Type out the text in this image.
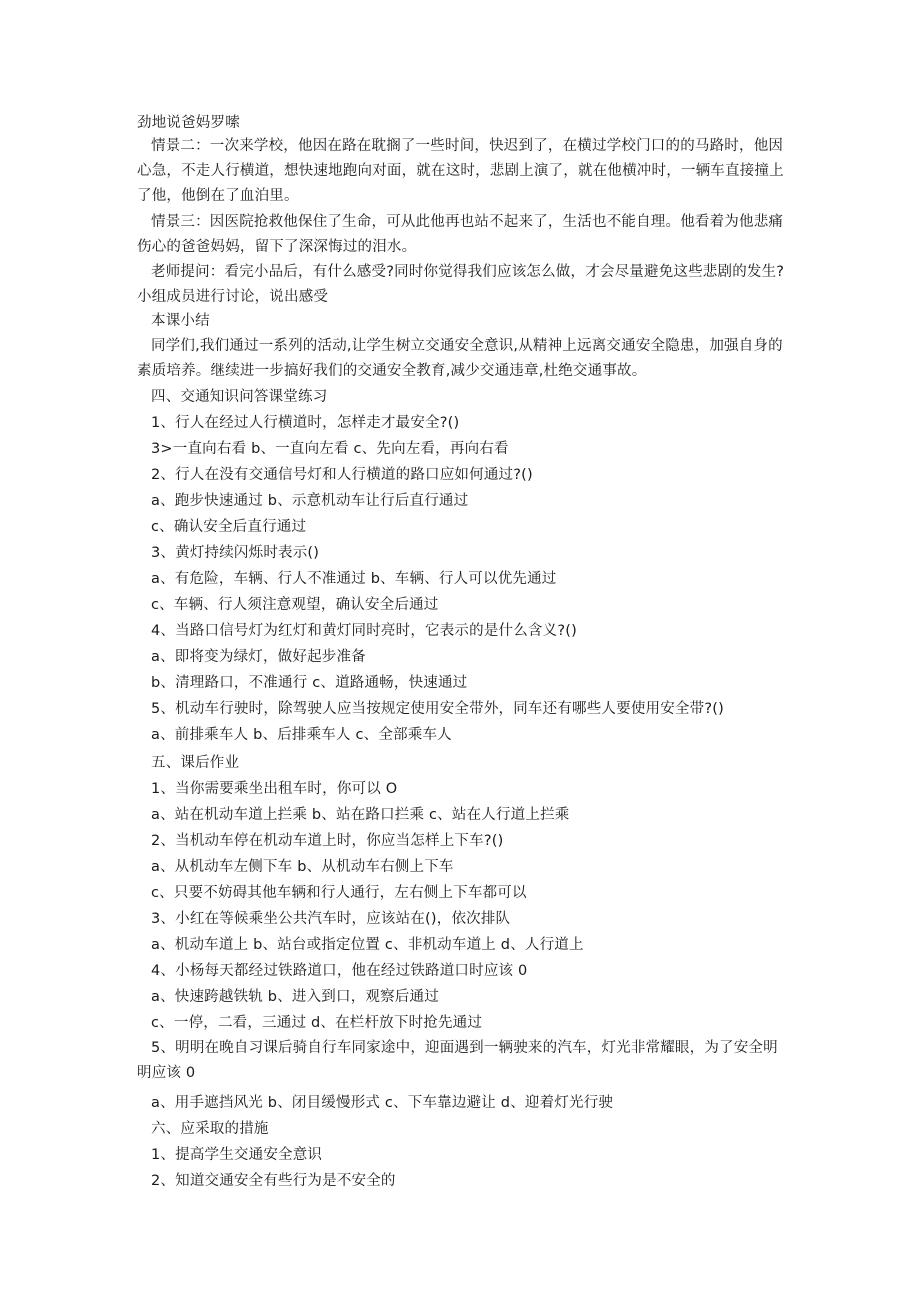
劲地说爸妈罗嗦
情景二：一次来学校，他因在路在耽搁了一些时间，快迟到了，在横过学校门口的的马路时，他因心急，不走人行横道，想快速地跑向对面，就在这时，悲剧上演了，就在他横冲时，一辆车直接撞上了他，他倒在了血泊里。
情景三：因医院抢救他保住了生命，可从此他再也站不起来了，生活也不能自理。他看着为他悲痛伤心的爸爸妈妈，留下了深深悔过的泪水。
老师提问：看完小品后，有什么感受?同时你觉得我们应该怎么做，才会尽量避免这些悲剧的发生?小组成员进行讨论，说出感受
本课小结
同学们,我们通过一系列的活动,让学生树立交通安全意识,从精神上远离交通安全隐患，加强自身的素质培养。继续进一步搞好我们的交通安全教育,减少交通违章,杜绝交通事故。
四、交通知识问答课堂练习
1、行人在经过人行横道时，怎样走才最安全?()
3>一直向右看 b、一直向左看 c、先向左看，再向右看
2、行人在没有交通信号灯和人行横道的路口应如何通过?()
a、跑步快速通过 b、示意机动车让行后直行通过
c、确认安全后直行通过
3、黄灯持续闪烁时表示()
a、有危险，车辆、行人不准通过 b、车辆、行人可以优先通过
c、车辆、行人须注意观望，确认安全后通过
4、当路口信号灯为红灯和黄灯同时亮时，它表示的是什么含义?()
a、即将变为绿灯，做好起步准备
b、清理路口，不准通行 c、道路通畅，快速通过
5、机动车行驶时，除驾驶人应当按规定使用安全带外，同车还有哪些人要使用安全带?()
a、前排乘车人 b、后排乘车人 c、全部乘车人
五、课后作业
1、当你需要乘坐出租车时，你可以 O
a、站在机动车道上拦乘 b、站在路口拦乘 c、站在人行道上拦乘
2、当机动车停在机动车道上时，你应当怎样上下车?()
a、从机动车左侧下车 b、从机动车右侧上下车
c、只要不妨碍其他车辆和行人通行，左右侧上下车都可以
3、小红在等候乘坐公共汽车时，应该站在()，依次排队
a、机动车道上 b、站台或指定位置 c、非机动车道上 d、人行道上
4、小杨每天都经过铁路道口，他在经过铁路道口时应该 0
a、快速跨越铁轨 b、进入到口，观察后通过
c、一停，二看，三通过 d、在栏杆放下时抢先通过
5、明明在晚自习课后骑自行车同家途中，迎面遇到一辆驶来的汽车，灯光非常耀眼，为了安全明明应该 0
a、用手遮挡风光 b、闭目缓慢形式 c、下车靠边避让 d、迎着灯光行驶
六、应采取的措施
1、提高学生交通安全意识
2、知道交通安全有些行为是不安全的
